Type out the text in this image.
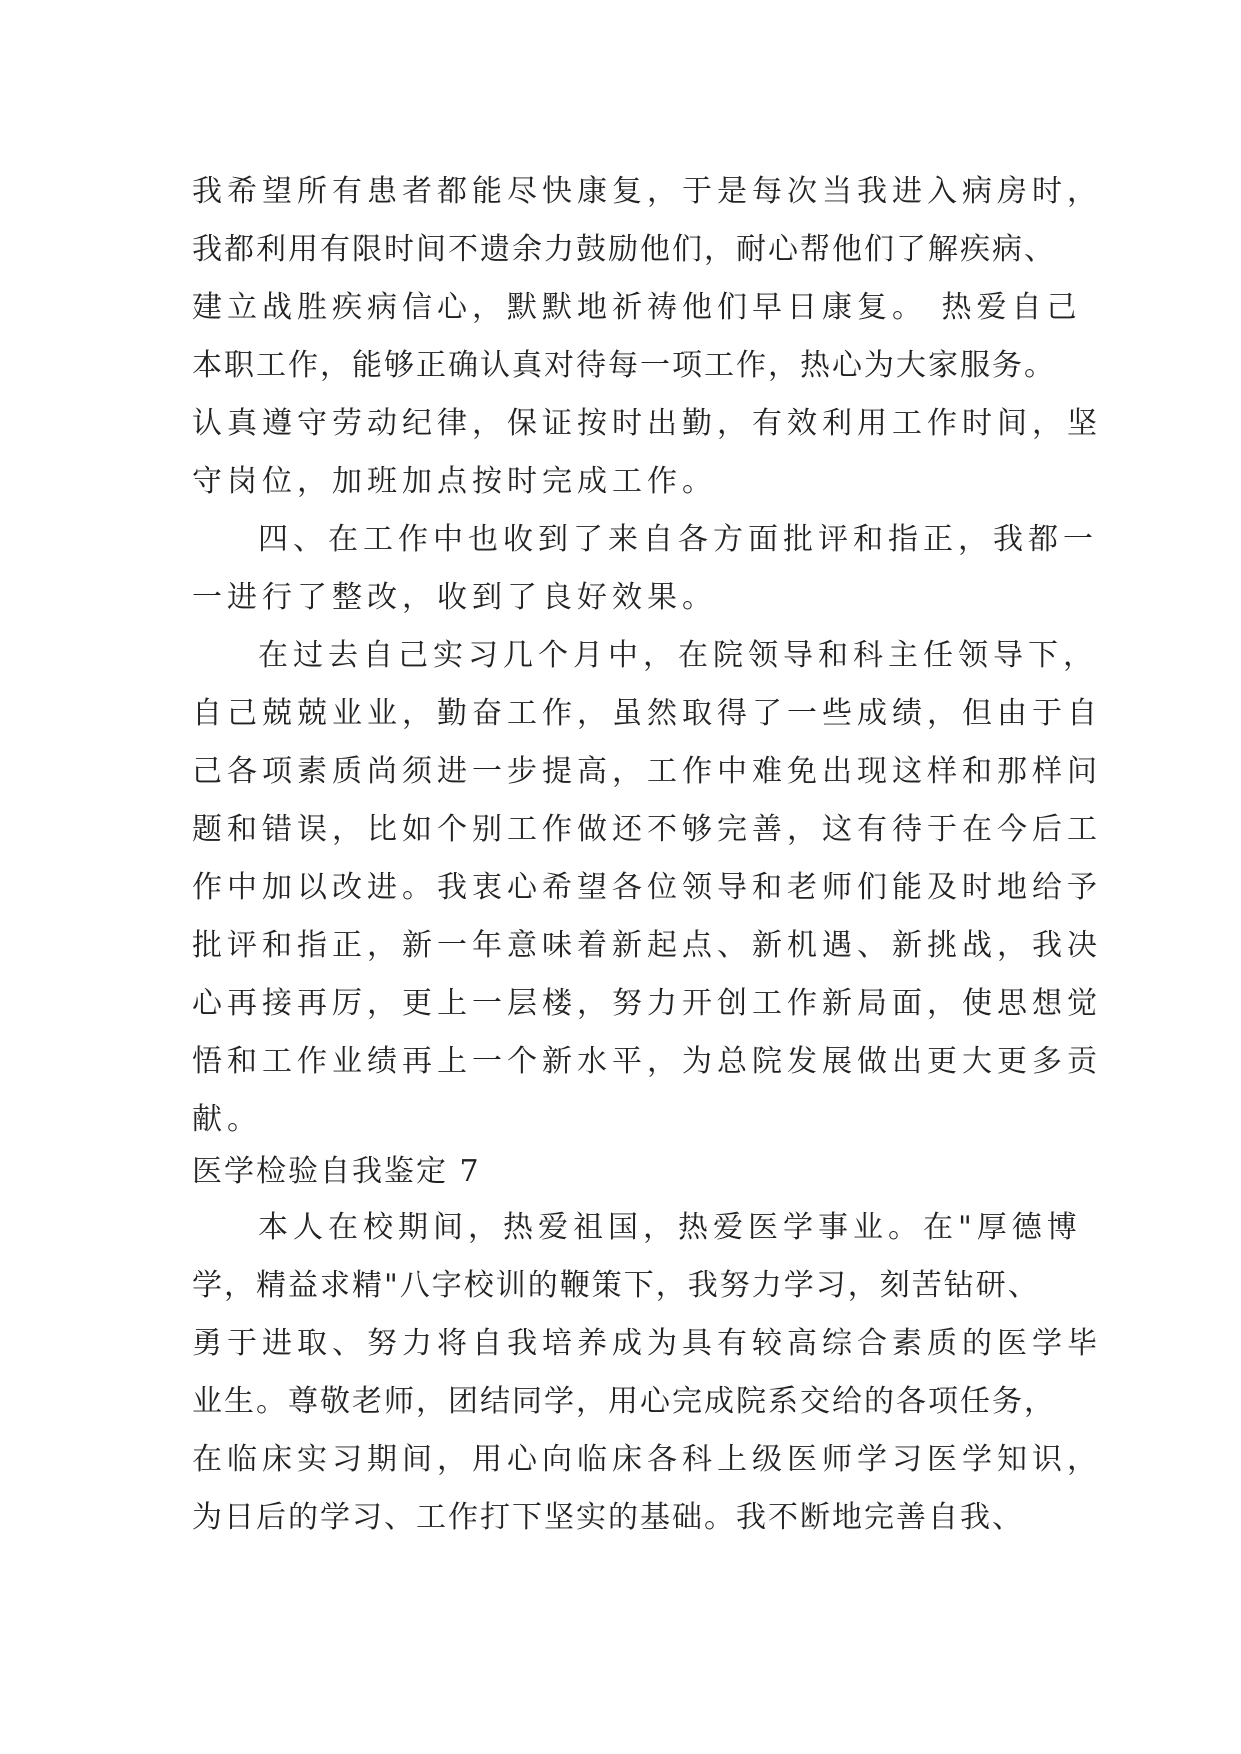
我希望所有患者都能尽快康复，于是每次当我进入病房时，
我都利用有限时间不遗余力鼓励他们，耐心帮他们了解疾病、
建立战胜疾病信心，默默地祈祷他们早日康复。 热爱自己
本职工作，能够正确认真对待每一项工作，热心为大家服务。
认真遵守劳动纪律，保证按时出勤，有效利用工作时间，坚
守岗位，加班加点按时完成工作。
四、在工作中也收到了来自各方面批评和指正，我都一
一进行了整改，收到了良好效果。
在过去自己实习几个月中，在院领导和科主任领导下，
自己兢兢业业，勤奋工作，虽然取得了一些成绩，但由于自
己各项素质尚须进一步提高，工作中难免出现这样和那样问
题和错误，比如个别工作做还不够完善，这有待于在今后工
作中加以改进。我衷心希望各位领导和老师们能及时地给予
批评和指正，新一年意味着新起点、新机遇、新挑战，我决
心再接再厉，更上一层楼，努力开创工作新局面，使思想觉
悟和工作业绩再上一个新水平，为总院发展做出更大更多贡
献。
医学检验自我鉴定 7
本人在校期间，热爱祖国，热爱医学事业。在"厚德博
学，精益求精"八字校训的鞭策下，我努力学习，刻苦钻研、
勇于进取、努力将自我培养成为具有较高综合素质的医学毕
业生。尊敬老师，团结同学，用心完成院系交给的各项任务，
在临床实习期间，用心向临床各科上级医师学习医学知识，
为日后的学习、工作打下坚实的基础。我不断地完善自我、
